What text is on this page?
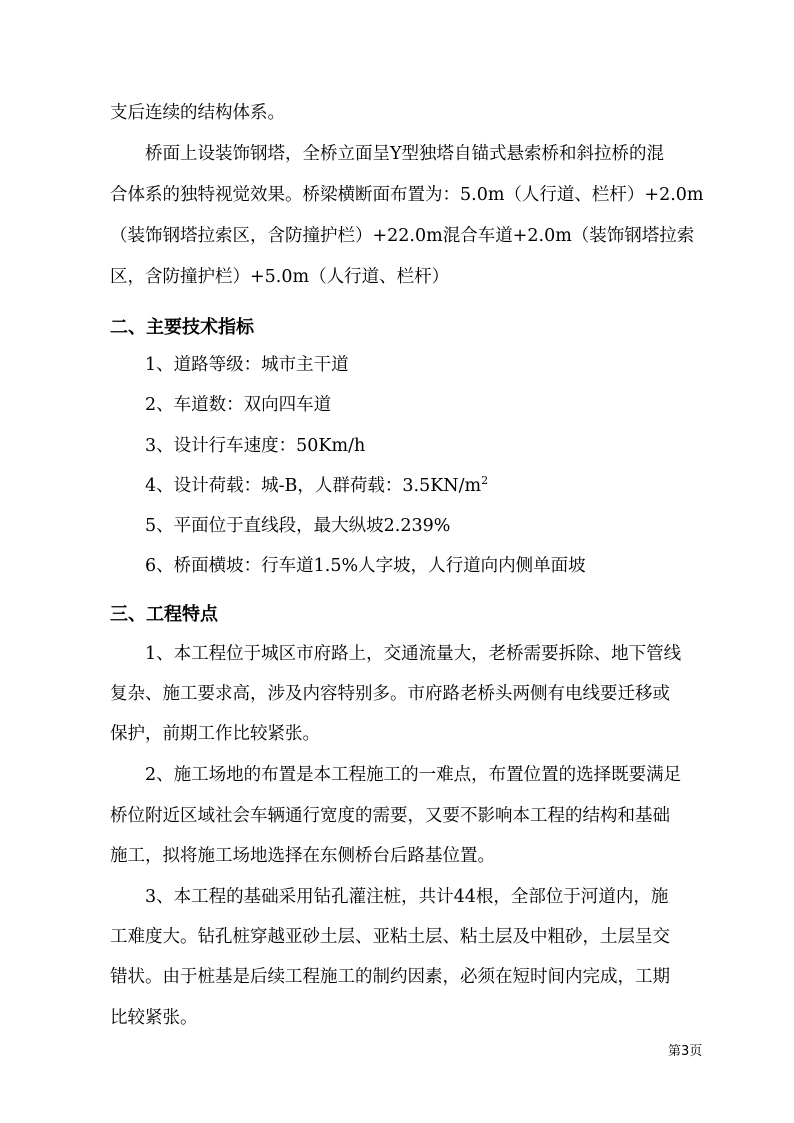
支后连续的结构体系。
桥面上设装饰钢塔，全桥立面呈Y型独塔自锚式悬索桥和斜拉桥的混
合体系的独特视觉效果。桥梁横断面布置为：5.0m（人行道、栏杆）+2.0m
（装饰钢塔拉索区，含防撞护栏）+22.0m混合车道+2.0m（装饰钢塔拉索
区，含防撞护栏）+5.0m（人行道、栏杆）
二、主要技术指标
1、道路等级：城市主干道
2、车道数：双向四车道
3、设计行车速度：50Km/h
4、设计荷载：城-B，人群荷载：$3.5KN/m^2$
5、平面位于直线段，最大纵坡2.239%
6、桥面横坡：行车道1.5%人字坡，人行道向内侧单面坡
三、工程特点
1、本工程位于城区市府路上，交通流量大，老桥需要拆除、地下管线
复杂、施工要求高，涉及内容特别多。市府路老桥头两侧有电线要迁移或
保护，前期工作比较紧张。
2、施工场地的布置是本工程施工的一难点，布置位置的选择既要满足
桥位附近区域社会车辆通行宽度的需要，又要不影响本工程的结构和基础
施工，拟将施工场地选择在东侧桥台后路基位置。
3、本工程的基础采用钻孔灌注桩，共计44根，全部位于河道内，施
工难度大。钻孔桩穿越亚砂土层、亚粘土层、粘土层及中粗砂，土层呈交
错状。由于桩基是后续工程施工的制约因素，必须在短时间内完成，工期
比较紧张。
第3页
